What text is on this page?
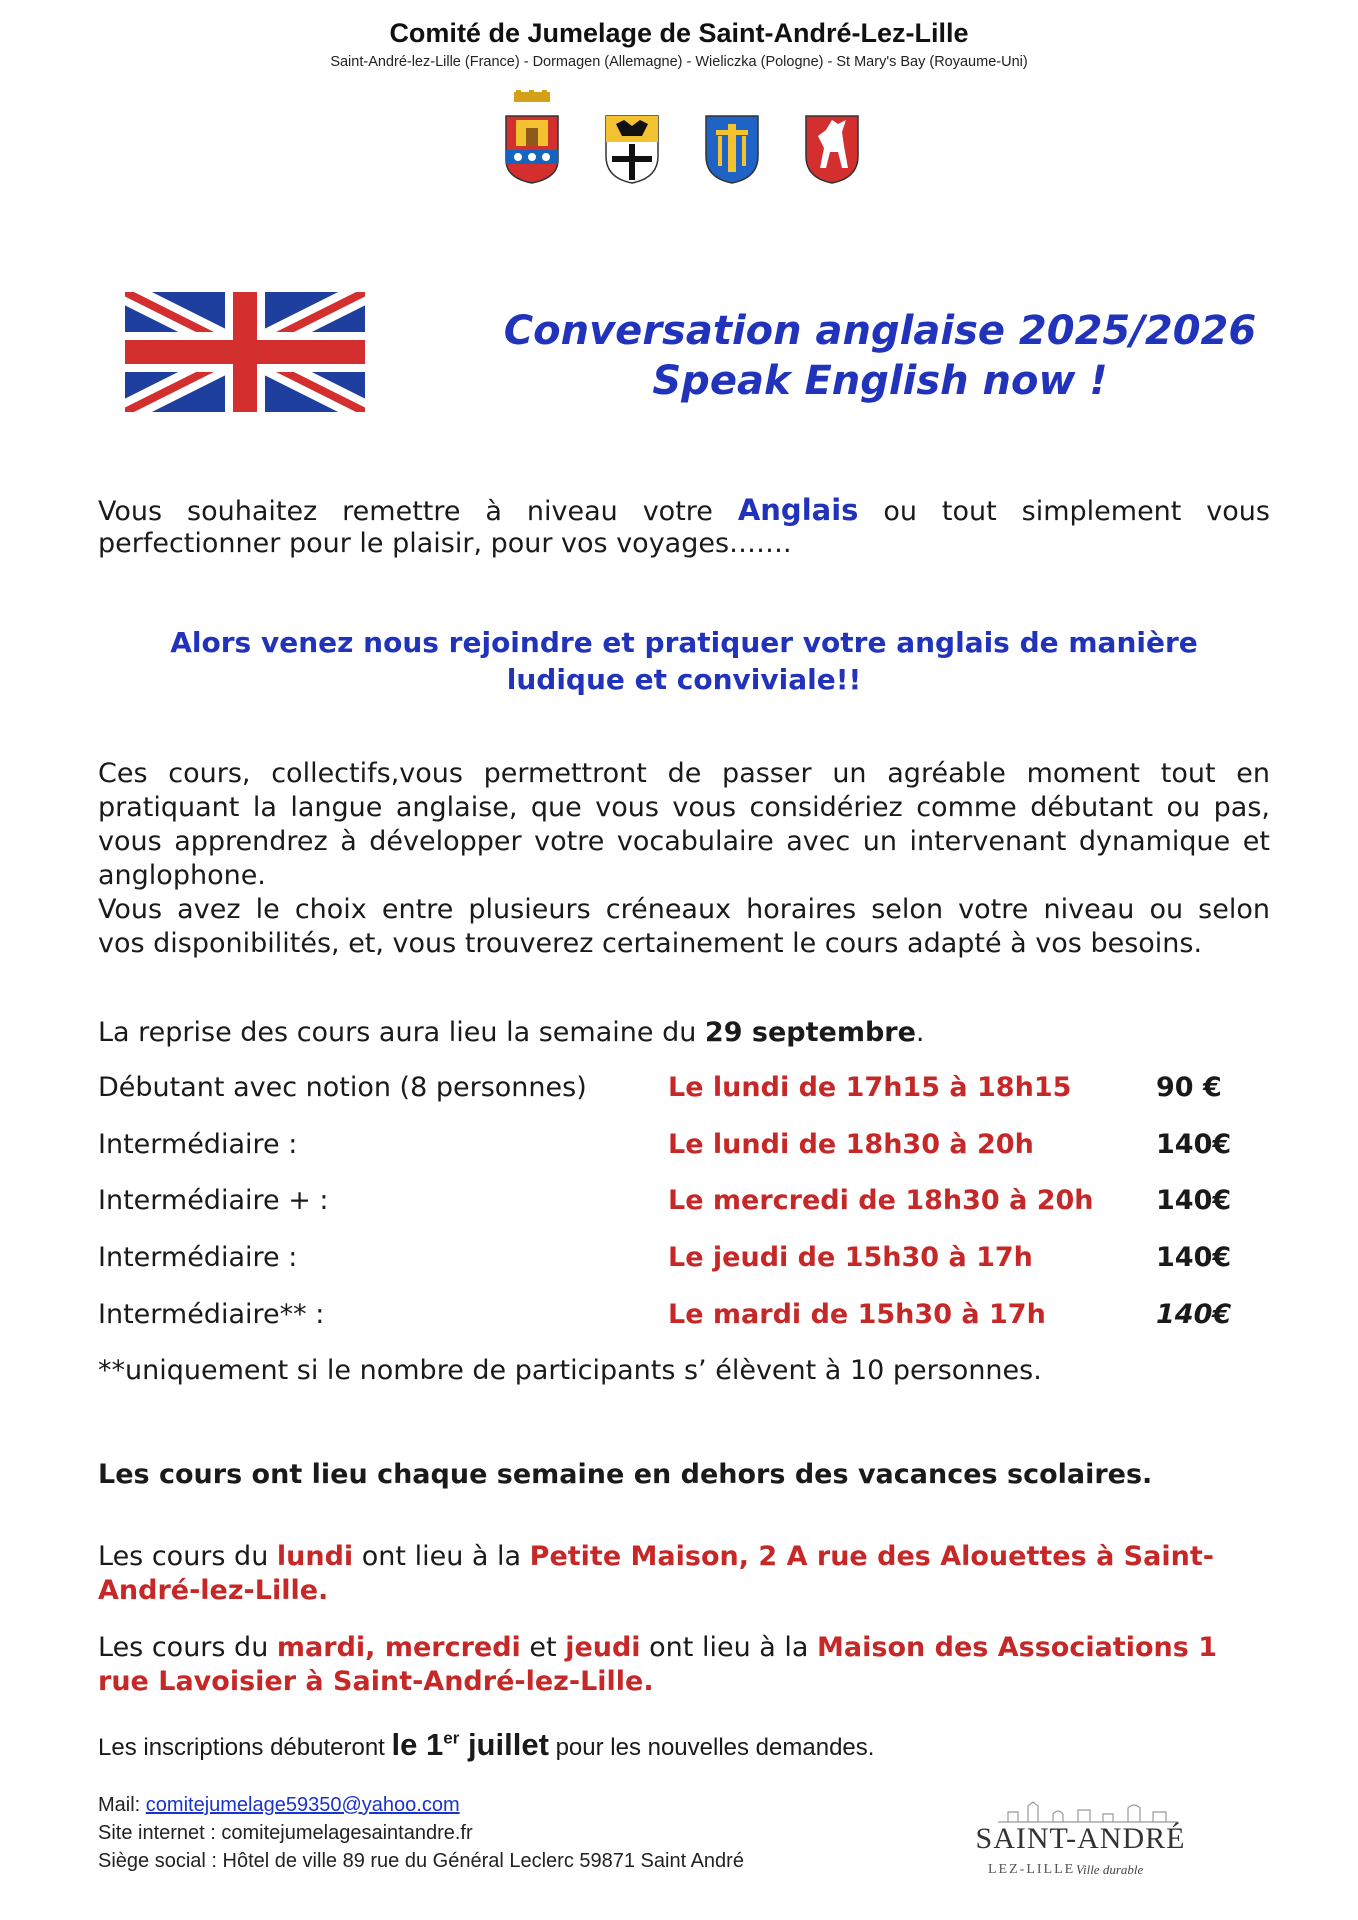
Comité de Jumelage de Saint-André-Lez-Lille
Saint-André-lez-Lille (France) - Dormagen (Allemagne) - Wieliczka (Pologne) - St Mary's Bay (Royaume-Uni)
Conversation anglaise 2025/2026
Speak English now !
Vous souhaitez remettre à niveau votre Anglais ou tout simplement vous
perfectionner pour le plaisir, pour vos voyages…….
Alors venez nous rejoindre et pratiquer votre anglais de manière
ludique et conviviale!!
Ces cours, collectifs,vous permettront de passer un agréable moment tout en
pratiquant la langue anglaise, que vous vous considériez comme débutant ou pas,
vous apprendrez à développer votre vocabulaire avec un intervenant dynamique et
anglophone.
Vous avez le choix entre plusieurs créneaux horaires selon votre niveau ou selon
vos disponibilités, et, vous trouverez certainement le cours adapté à vos besoins.
La reprise des cours aura lieu la semaine du 29 septembre.
Débutant avec notion (8 personnes)	Le lundi de 17h15 à 18h15	90 €
Intermédiaire :	Le lundi de 18h30 à 20h	140€
Intermédiaire + :	Le mercredi de 18h30 à 20h 140€
Intermédiaire :	Le jeudi de 15h30 à 17h	140€
Intermédiaire** :	Le mardi de 15h30 à 17h	140€
**uniquement si le nombre de participants s’ élèvent à 10 personnes.
Les cours ont lieu chaque semaine en dehors des vacances scolaires.
Les cours du lundi ont lieu à la Petite Maison, 2 A rue des Alouettes à Saint-
André-lez-Lille.
Les cours du mardi, mercredi et jeudi ont lieu à la Maison des Associations 1
rue Lavoisier à Saint-André-lez-Lille.
Les inscriptions débuteront le 1er juillet pour les nouvelles demandes.
Mail: comitejumelage59350@yahoo.com
Site internet : comitejumelagesaintandre.fr
Siège social : Hôtel de ville 89 rue du Général Leclerc 59871 Saint André
SAINT-ANDRÉ
LEZ-LILLE Ville durable
